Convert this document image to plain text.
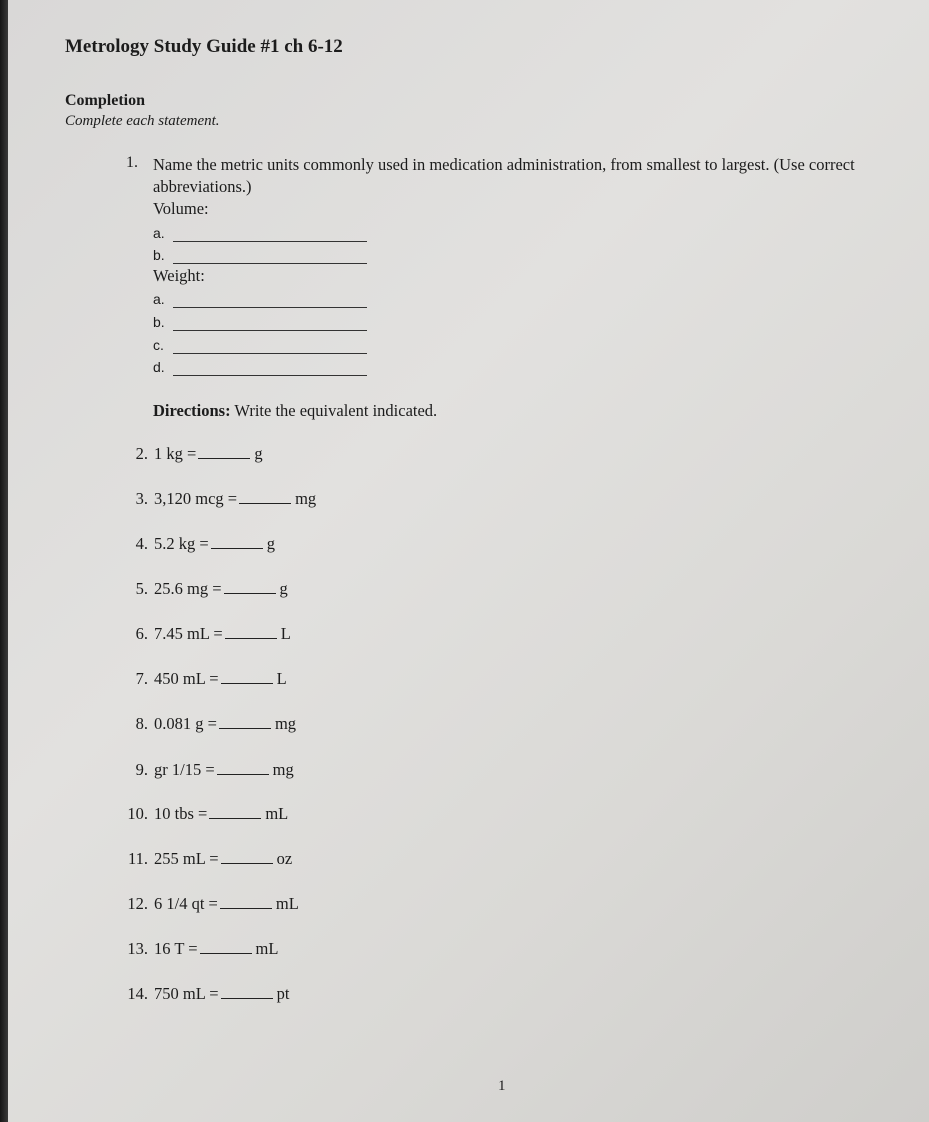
Metrology Study Guide #1 ch 6-12
Completion
Complete each statement.
1. Name the metric units commonly used in medication administration, from smallest to largest. (Use correct abbreviations.)
Volume:
a.
b.
Weight:
a.
b.
c.
d.
Directions: Write the equivalent indicated.
2. 1 kg =	g
3. 3,120 mcg =	mg
4. 5.2 kg =	g
5. 25.6 mg =	g
6. 7.45 mL =	L
7. 450 mL =	L
8. 0.081 g =	mg
9. gr 1/15 =	mg
10. 10 tbs =	mL
11. 255 mL =	oz
12. 6 1/4 qt =	mL
13. 16 T =	mL
14. 750 mL =	pt
1
